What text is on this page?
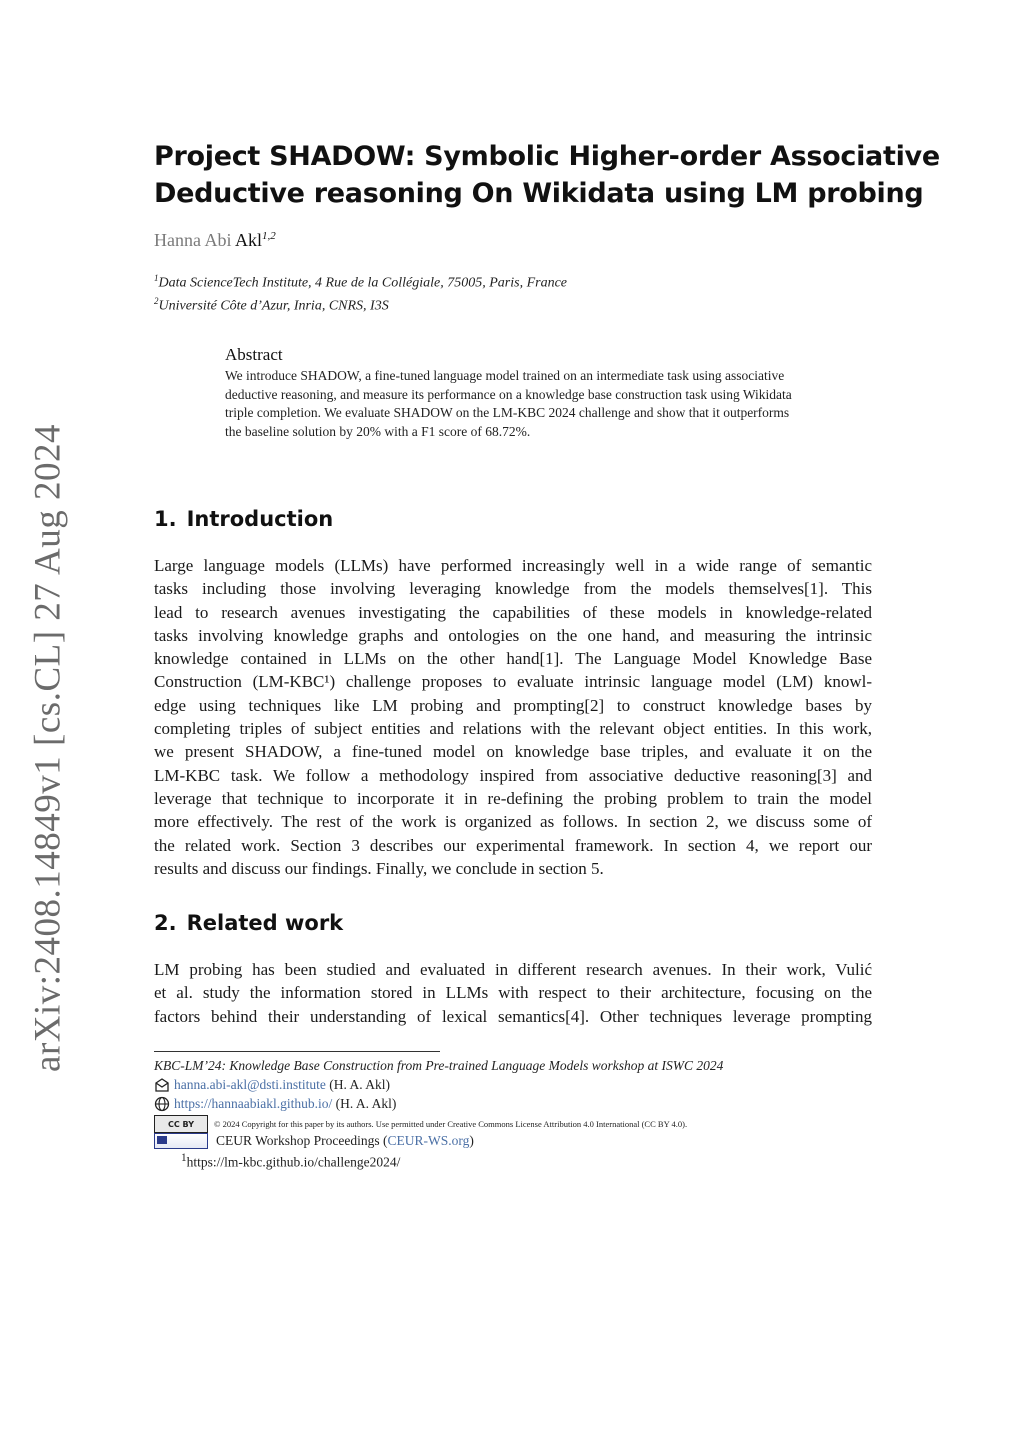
arXiv:2408.14849v1 [cs.CL] 27 Aug 2024
Project SHADOW: Symbolic Higher-order Associative
Deductive reasoning On Wikidata using LM probing
Hanna Abi Akl$^{1,2}$
$^1$Data ScienceTech Institute, 4 Rue de la Collégiale, 75005, Paris, France
$^2$Université Côte d’Azur, Inria, CNRS, I3S
Abstract
We introduce SHADOW, a fine-tuned language model trained on an intermediate task using associative
deductive reasoning, and measure its performance on a knowledge base construction task using Wikidata
triple completion. We evaluate SHADOW on the LM-KBC 2024 challenge and show that it outperforms
the baseline solution by 20% with a F1 score of 68.72%.
1. Introduction
Large language models (LLMs) have performed increasingly well in a wide range of semantic
tasks including those involving leveraging knowledge from the models themselves[1]. This
lead to research avenues investigating the capabilities of these models in knowledge-related
tasks involving knowledge graphs and ontologies on the one hand, and measuring the intrinsic
knowledge contained in LLMs on the other hand[1]. The Language Model Knowledge Base
Construction (LM-KBC¹) challenge proposes to evaluate intrinsic language model (LM) knowl-
edge using techniques like LM probing and prompting[2] to construct knowledge bases by
completing triples of subject entities and relations with the relevant object entities. In this work,
we present SHADOW, a fine-tuned model on knowledge base triples, and evaluate it on the
LM-KBC task. We follow a methodology inspired from associative deductive reasoning[3] and
leverage that technique to incorporate it in re-defining the probing problem to train the model
more effectively. The rest of the work is organized as follows. In section 2, we discuss some of
the related work. Section 3 describes our experimental framework. In section 4, we report our
results and discuss our findings. Finally, we conclude in section 5.
2. Related work
LM probing has been studied and evaluated in different research avenues. In their work, Vulić
et al. study the information stored in LLMs with respect to their architecture, focusing on the
factors behind their understanding of lexical semantics[4]. Other techniques leverage prompting
KBC-LM’24: Knowledge Base Construction from Pre-trained Language Models workshop at ISWC 2024
hanna.abi-akl@dsti.institute
(H. A. Akl)
https://hannaabiakl.github.io/
(H. A. Akl)
CC BY	© 2024 Copyright for this paper by its authors. Use permitted under Creative Commons License Attribution 4.0 International (CC BY 4.0).
CEUR Workshop Proceedings ( CEUR-WS.org )
$^1$https://lm-kbc.github.io/challenge2024/
